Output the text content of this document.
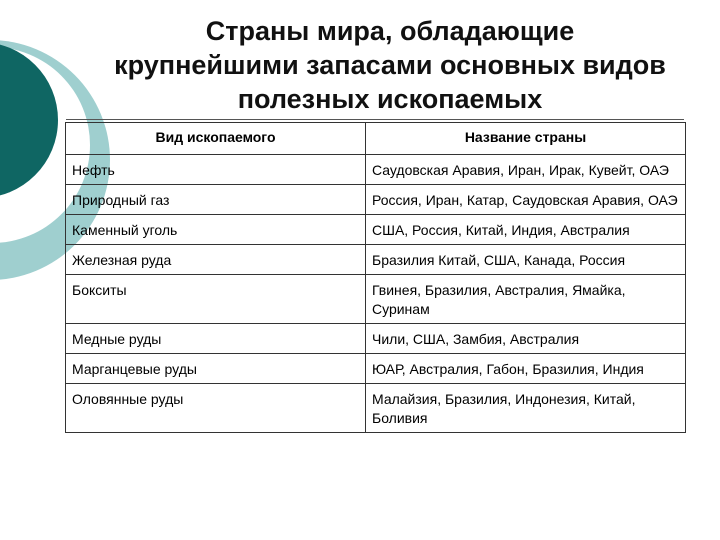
Страны мира, обладающие
крупнейшими запасами основных видов
полезных ископаемых
Вид ископаемого	Название страны
Нефть	Саудовская Аравия, Иран, Ирак, Кувейт, ОАЭ
Природный газ	Россия, Иран, Катар, Саудовская Аравия, ОАЭ
Каменный уголь	США, Россия, Китай, Индия, Австралия
Железная руда	Бразилия Китай, США, Канада, Россия
Бокситы	Гвинея, Бразилия, Австралия, Ямайка, Суринам
Медные руды	Чили, США, Замбия, Австралия
Марганцевые руды	ЮАР, Австралия, Габон, Бразилия, Индия
Оловянные руды	Малайзия, Бразилия, Индонезия, Китай, Боливия
